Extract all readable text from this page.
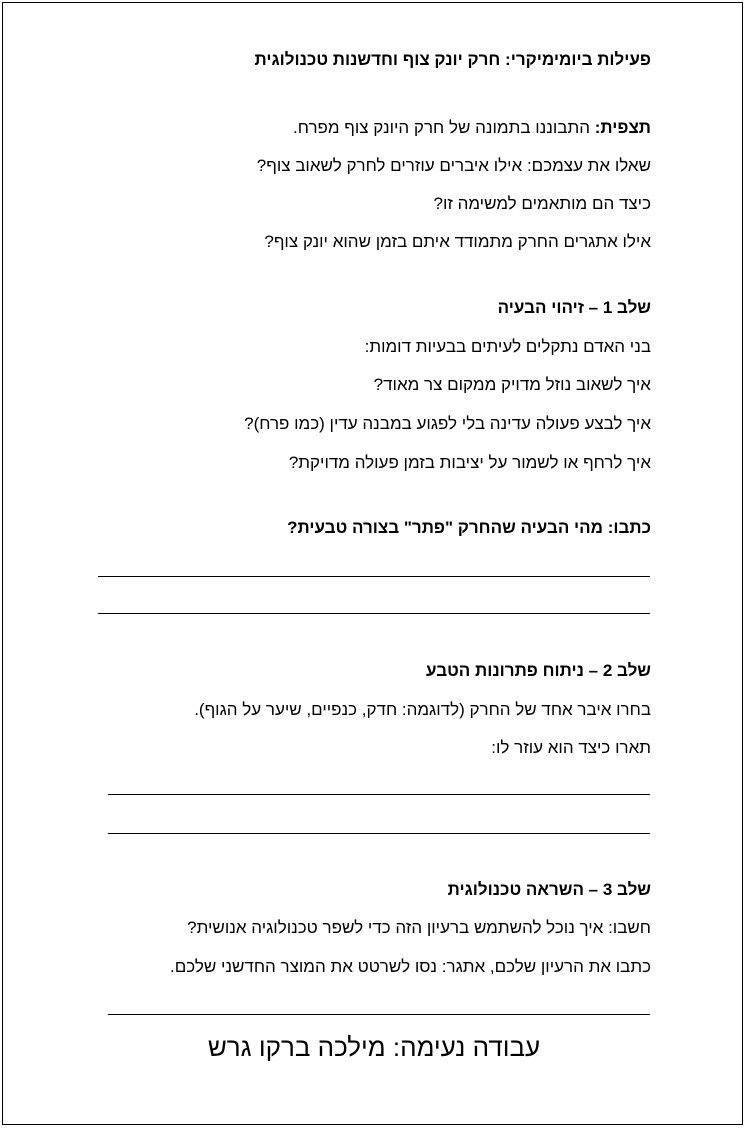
פעילות ביומימיקרי: חרק יונק צוף וחדשנות טכנולוגית
תצפית: התבוננו בתמונה של חרק היונק צוף מפרח.
שאלו את עצמכם: אילו איברים עוזרים לחרק לשאוב צוף?
כיצד הם מותאמים למשימה זו?
אילו אתגרים החרק מתמודד איתם בזמן שהוא יונק צוף?
שלב 1 – זיהוי הבעיה
בני האדם נתקלים לעיתים בבעיות דומות:
איך לשאוב נוזל מדויק ממקום צר מאוד?
איך לבצע פעולה עדינה בלי לפגוע במבנה עדין (כמו פרח)?
איך לרחף או לשמור על יציבות בזמן פעולה מדויקת?
כתבו: מהי הבעיה שהחרק "פתר" בצורה טבעית?
שלב 2 – ניתוח פתרונות הטבע
בחרו איבר אחד של החרק (לדוגמה: חדק, כנפיים, שיער על הגוף).
תארו כיצד הוא עוזר לו:
שלב 3 – השראה טכנולוגית
חשבו: איך נוכל להשתמש ברעיון הזה כדי לשפר טכנולוגיה אנושית?
כתבו את הרעיון שלכם, אתגר: נסו לשרטט את המוצר החדשני שלכם.
עבודה נעימה: מילכה ברקו גרש
